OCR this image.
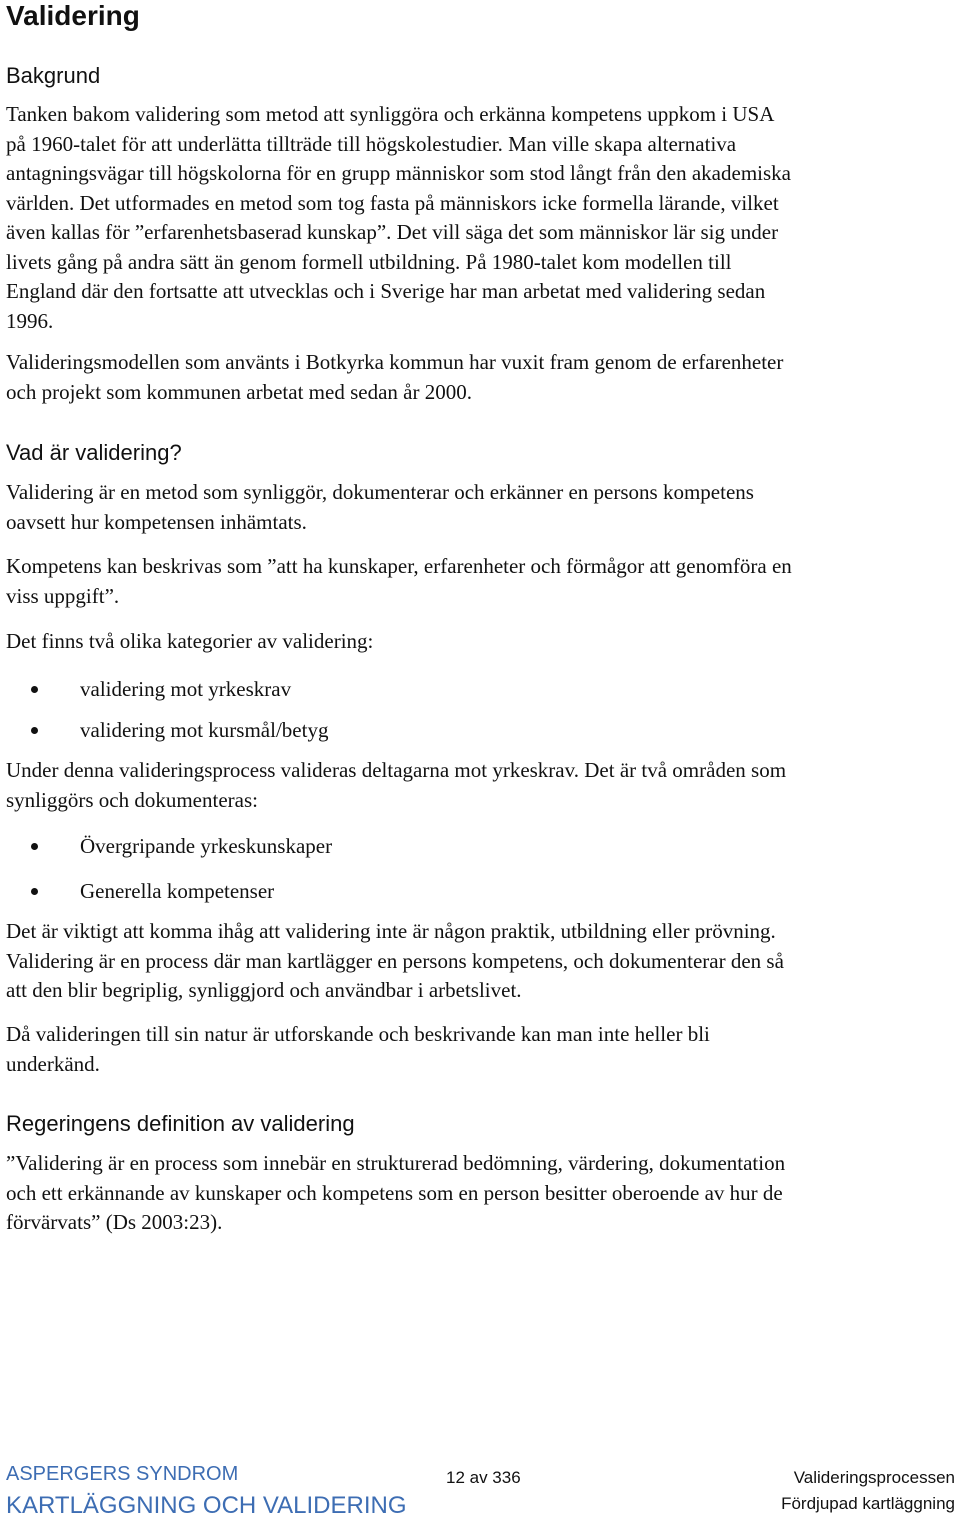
Validering
Bakgrund
Tanken bakom validering som metod att synliggöra och erkänna kompetens uppkom i USA
på 1960-talet för att underlätta tillträde till högskolestudier. Man ville skapa alternativa
antagningsvägar till högskolorna för en grupp människor som stod långt från den akademiska
världen. Det utformades en metod som tog fasta på människors icke formella lärande, vilket
även kallas för ”erfarenhetsbaserad kunskap”. Det vill säga det som människor lär sig under
livets gång på andra sätt än genom formell utbildning. På 1980-talet kom modellen till
England där den fortsatte att utvecklas och i Sverige har man arbetat med validering sedan
1996.
Valideringsmodellen som använts i Botkyrka kommun har vuxit fram genom de erfarenheter
och projekt som kommunen arbetat med sedan år 2000.
Vad är validering?
Validering är en metod som synliggör, dokumenterar och erkänner en persons kompetens
oavsett hur kompetensen inhämtats.
Kompetens kan beskrivas som ”att ha kunskaper, erfarenheter och förmågor att genomföra en
viss uppgift”.
Det finns två olika kategorier av validering:
validering mot yrkeskrav
validering mot kursmål/betyg
Under denna valideringsprocess valideras deltagarna mot yrkeskrav. Det är två områden som
synliggörs och dokumenteras:
Övergripande yrkeskunskaper
Generella kompetenser
Det är viktigt att komma ihåg att validering inte är någon praktik, utbildning eller prövning.
Validering är en process där man kartlägger en persons kompetens, och dokumenterar den så
att den blir begriplig, synliggjord och användbar i arbetslivet.
Då valideringen till sin natur är utforskande och beskrivande kan man inte heller bli
underkänd.
Regeringens definition av validering
”Validering är en process som innebär en strukturerad bedömning, värdering, dokumentation
och ett erkännande av kunskaper och kompetens som en person besitter oberoende av hur de
förvärvats” (Ds 2003:23).
ASPERGERS SYNDROM
KARTLÄGGNING OCH VALIDERING
12 av 336	Valideringsprocessen
Fördjupad kartläggning
